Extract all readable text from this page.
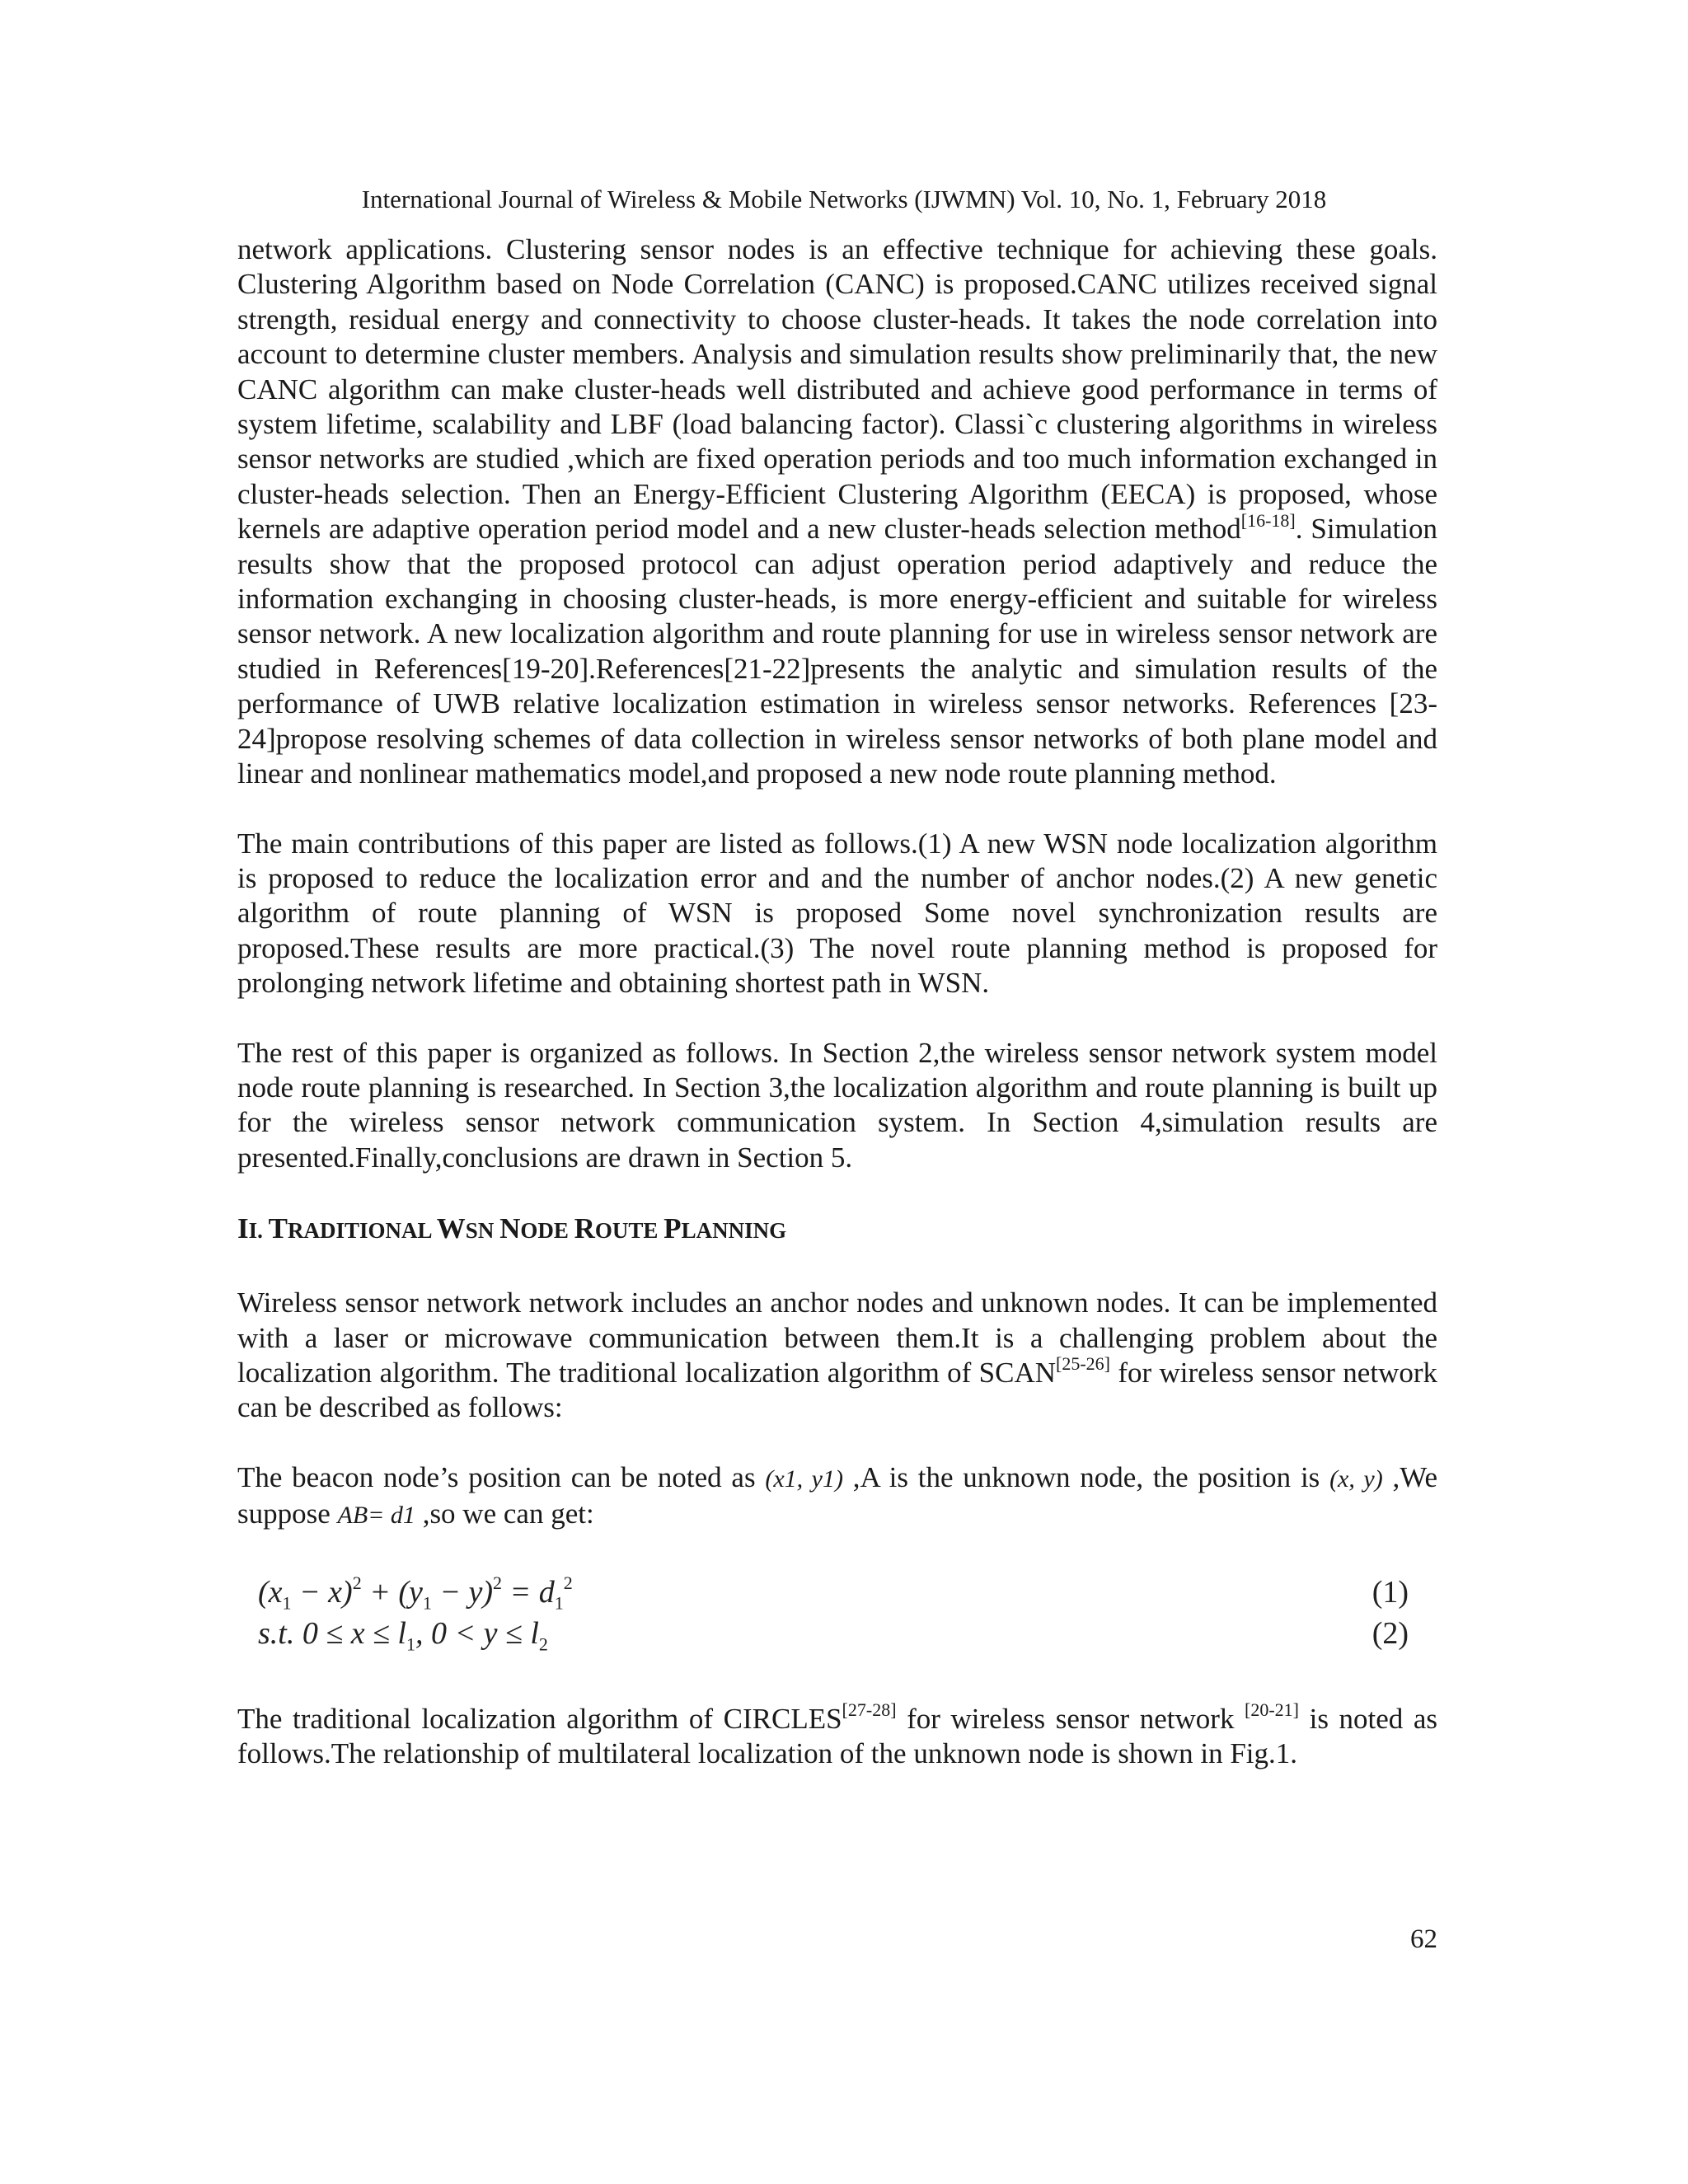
International Journal of Wireless & Mobile Networks (IJWMN) Vol. 10, No. 1, February 2018

network applications. Clustering sensor nodes is an effective technique for achieving these goals. Clustering Algorithm based on Node Correlation (CANC) is proposed.CANC utilizes received signal strength, residual energy and connectivity to choose cluster-heads. It takes the node correlation into account to determine cluster members. Analysis and simulation results show preliminarily that, the new CANC algorithm can make cluster-heads well distributed and achieve good performance in terms of system lifetime, scalability and LBF (load balancing factor). Classi`c clustering algorithms in wireless sensor networks are studied ,which are fixed operation periods and too much information exchanged in cluster-heads selection. Then an Energy-Efficient Clustering Algorithm (EECA) is proposed, whose kernels are adaptive operation period model and a new cluster-heads selection method[16-18]. Simulation results show that the proposed protocol can adjust operation period adaptively and reduce the information exchanging in choosing cluster-heads, is more energy-efficient and suitable for wireless sensor network. A new localization algorithm and route planning for use in wireless sensor network are studied in References[19-20].References[21-22]presents the analytic and simulation results of the performance of UWB relative localization estimation in wireless sensor networks. References [23-24]propose resolving schemes of data collection in wireless sensor networks of both plane model and linear and nonlinear mathematics model,and proposed a new node route planning method.

The main contributions of this paper are listed as follows.(1) A new WSN node localization algorithm is proposed to reduce the localization error and and the number of anchor nodes.(2) A new genetic algorithm of route planning of WSN is proposed Some novel synchronization results are proposed.These results are more practical.(3) The novel route planning method is proposed for prolonging network lifetime and obtaining shortest path in WSN.

The rest of this paper is organized as follows. In Section 2,the wireless sensor network system model node route planning is researched. In Section 3,the localization algorithm and route planning is built up for the wireless sensor network communication system. In Section 4,simulation results are presented.Finally,conclusions are drawn in Section 5.

II. TRADITIONAL WSN NODE ROUTE PLANNING

Wireless sensor network network includes an anchor nodes and unknown nodes. It can be implemented with a laser or microwave communication between them.It is a challenging problem about the localization algorithm. The traditional localization algorithm of SCAN[25-26] for wireless sensor network can be described as follows:

The beacon node’s position can be noted as (x1, y1) ,A is the unknown node, the position is (x, y) ,We suppose AB= d1 ,so we can get:

$(x_1 - x)^2 + (y_1 - y)^2 = d_1^2$	(1)
s.t. $0 \le x \le l_1$, $0 < y \le l_2$	(2)

The traditional localization algorithm of CIRCLES[27-28] for wireless sensor network [20-21] is noted as follows.The relationship of multilateral localization of the unknown node is shown in Fig.1.

62
